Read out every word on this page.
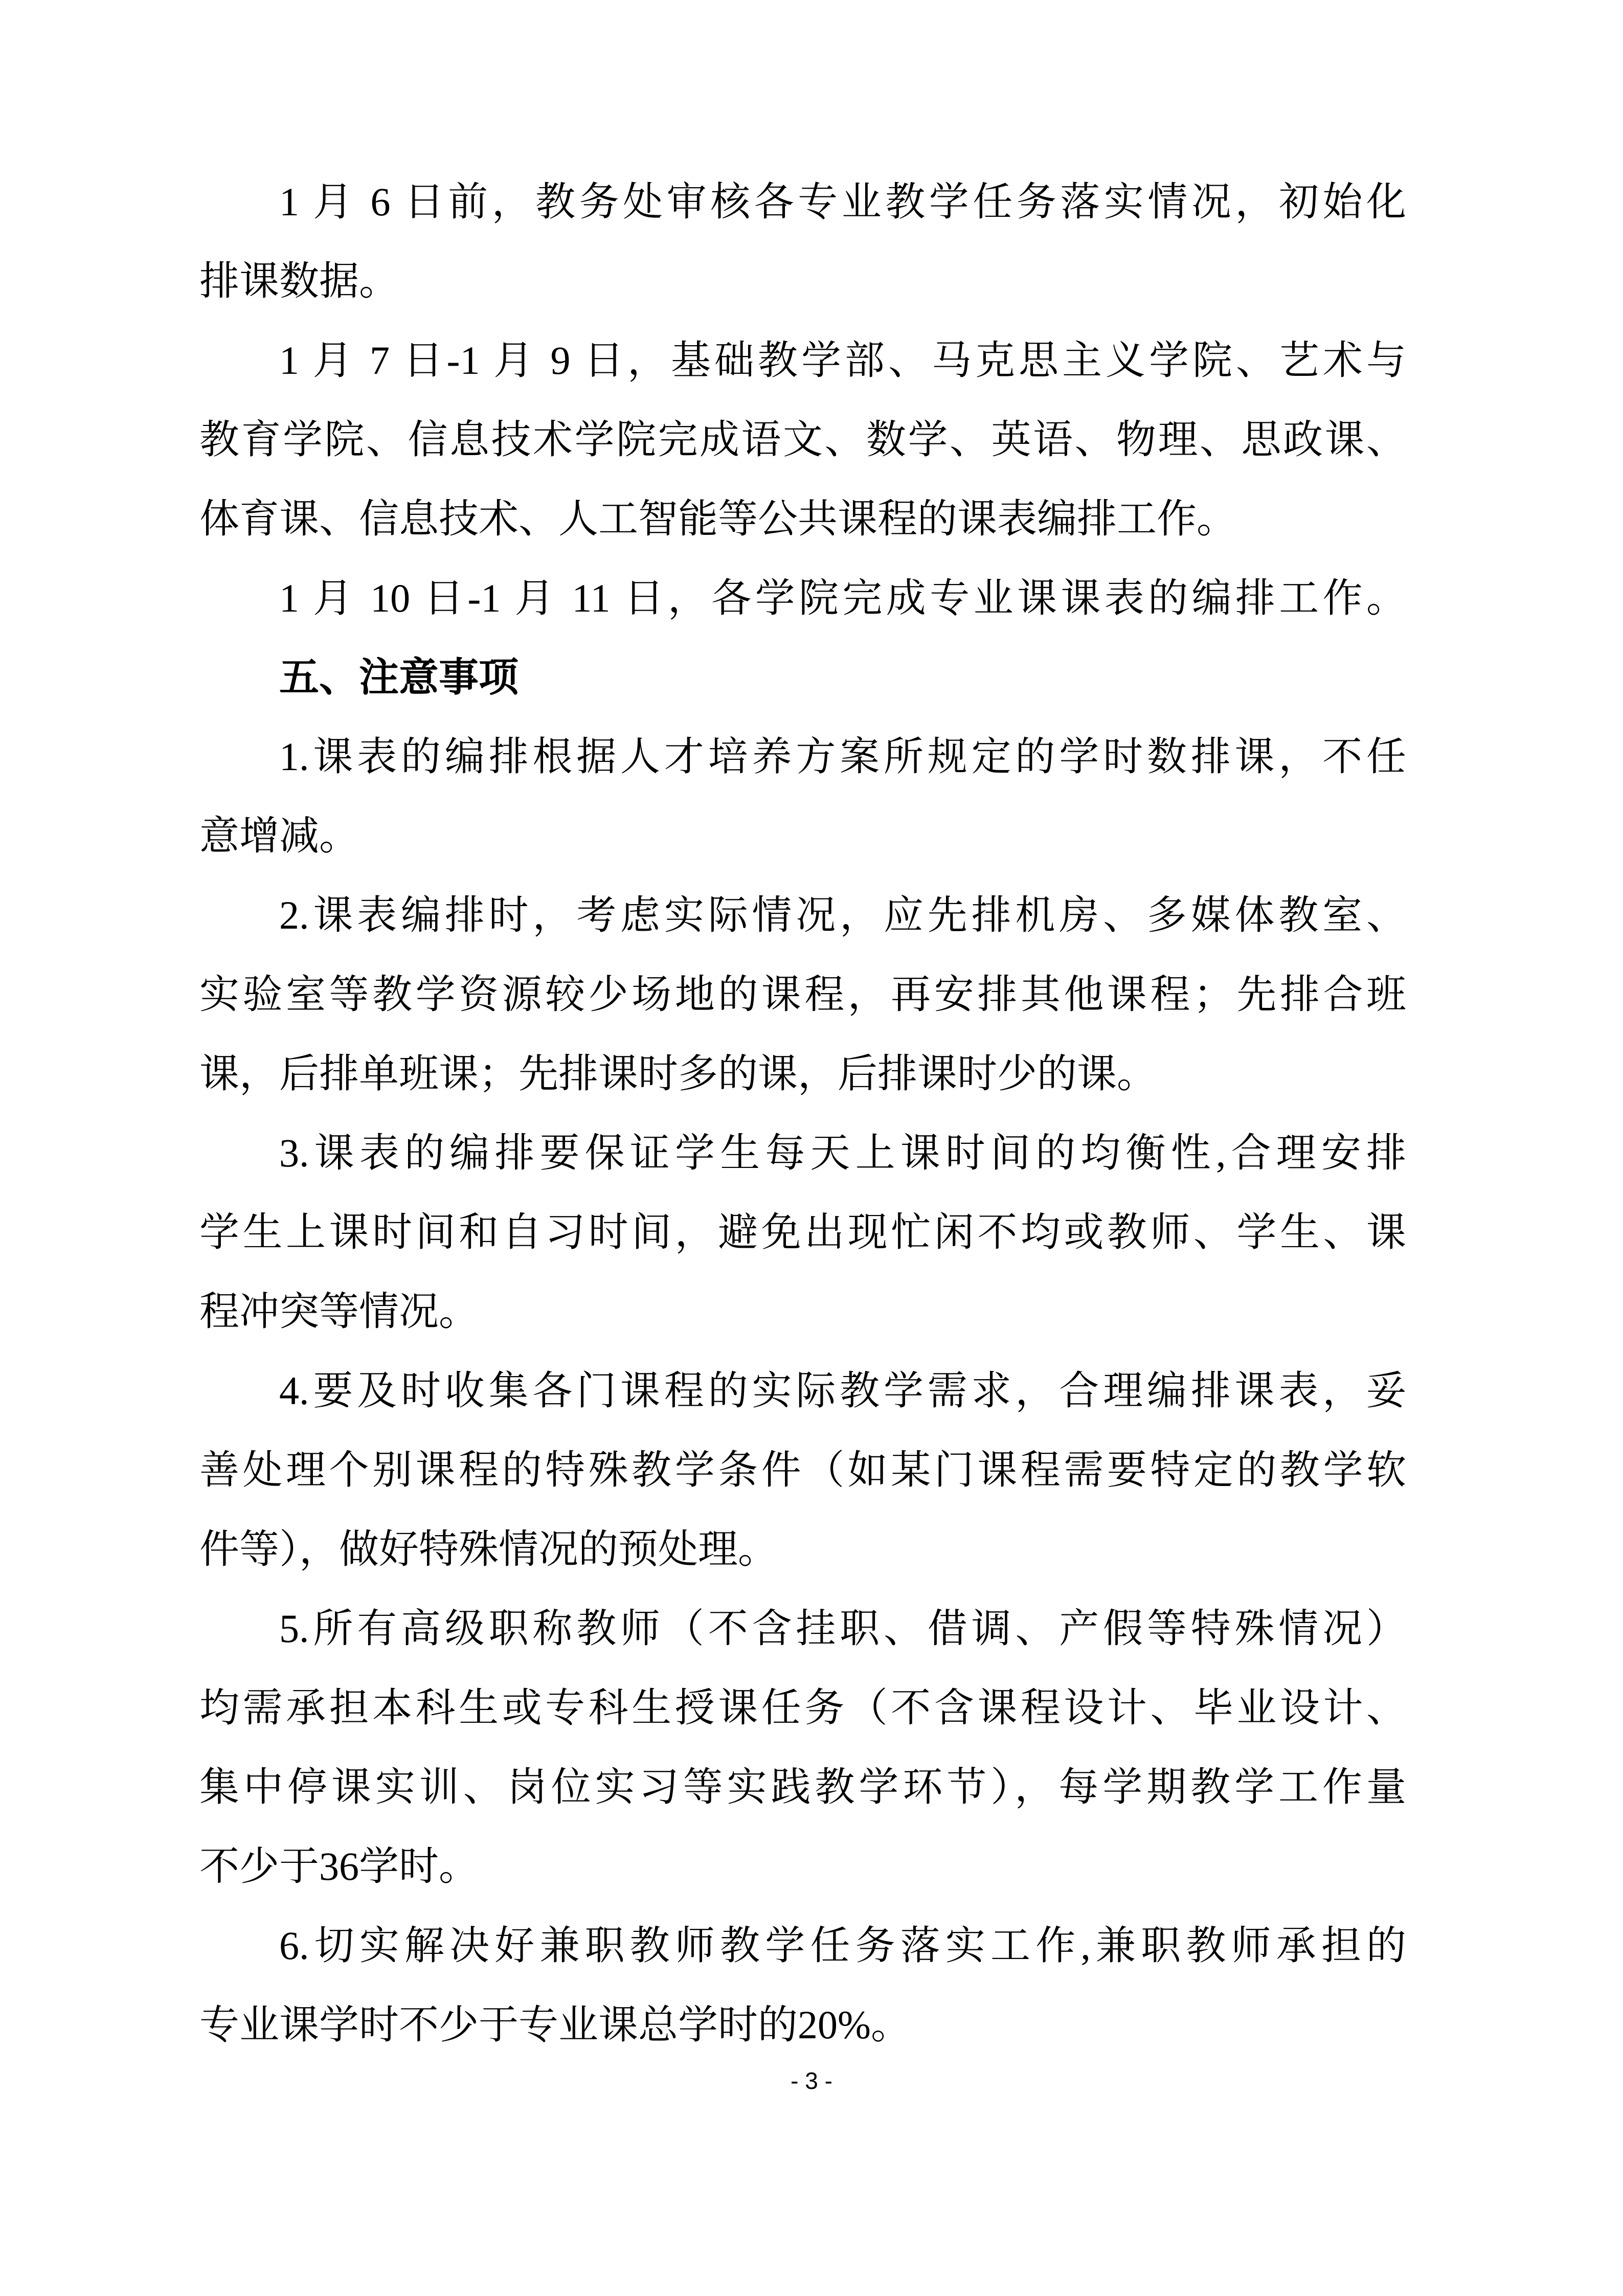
1 月 6 日前，教务处审核各专业教学任务落实情况，初始化
排课数据。
1 月 7 日-1 月 9 日，基础教学部、马克思主义学院、艺术与
教育学院、信息技术学院完成语文、数学、英语、物理、思政课、
体育课、信息技术、人工智能等公共课程的课表编排工作。
1 月 10 日-1 月 11 日，各学院完成专业课课表的编排工作。
五、注意事项
1.课表的编排根据人才培养方案所规定的学时数排课，不任
意增减。
2.课表编排时，考虑实际情况，应先排机房、多媒体教室、
实验室等教学资源较少场地的课程，再安排其他课程；先排合班
课，后排单班课；先排课时多的课，后排课时少的课。
3.课表的编排要保证学生每天上课时间的均衡性,合理安排
学生上课时间和自习时间，避免出现忙闲不均或教师、学生、课
程冲突等情况。
4.要及时收集各门课程的实际教学需求，合理编排课表，妥
善处理个别课程的特殊教学条件（如某门课程需要特定的教学软
件等），做好特殊情况的预处理。
5.所有高级职称教师（不含挂职、借调、产假等特殊情况）
均需承担本科生或专科生授课任务（不含课程设计、毕业设计、
集中停课实训、岗位实习等实践教学环节），每学期教学工作量
不少于36学时。
6.切实解决好兼职教师教学任务落实工作,兼职教师承担的
专业课学时不少于专业课总学时的20%。
- 3 -
